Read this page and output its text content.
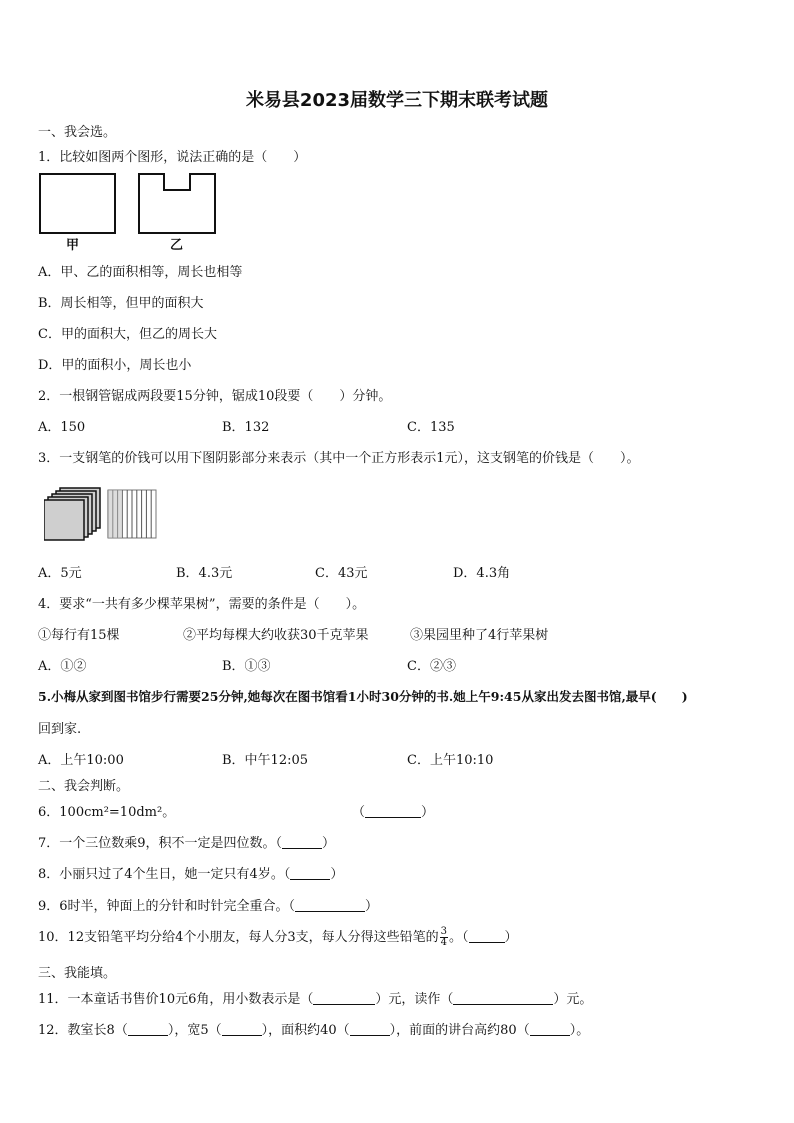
米易县2023届数学三下期末联考试题
一、我会选。
1．比较如图两个图形，说法正确的是（　　）
甲	乙
A．甲、乙的面积相等，周长也相等
B．周长相等，但甲的面积大
C．甲的面积大，但乙的周长大
D．甲的面积小，周长也小
2．一根钢管锯成两段要15分钟，锯成10段要（　　）分钟。
A．150	B．132	C．135
3．一支钢笔的价钱可以用下图阴影部分来表示（其中一个正方形表示1元），这支钢笔的价钱是（　　）。
A．5元	B．4.3元	C．43元	D．4.3角
4．要求“一共有多少棵苹果树”，需要的条件是（　　）。
①每行有15棵	②平均每棵大约收获30千克苹果	③果园里种了4行苹果树
A．①②	B．①③	C．②③
5.小梅从家到图书馆步行需要25分钟,她每次在图书馆看1小时30分钟的书.她上午9:45从家出发去图书馆,最早(　　)
回到家.
A．上午10:00	B．中午12:05	C．上午10:10
二、我会判断。
6．100cm²=10dm²。	（	）
7．一个三位数乘9，积不一定是四位数。（	）
8．小丽只过了4个生日，她一定只有4岁。（	）
9．6时半，钟面上的分针和时针完全重合。（	）
10．12支铅笔平均分给4个小朋友，每人分3支，每人分得这些铅笔的 $\frac{3}{4}$ 。（	）
三、我能填。
11．一本童话书售价10元6角，用小数表示是（	）元，读作（	）元。
12．教室长8（	），宽5（	），面积约40（	），前面的讲台高约80（	）。
